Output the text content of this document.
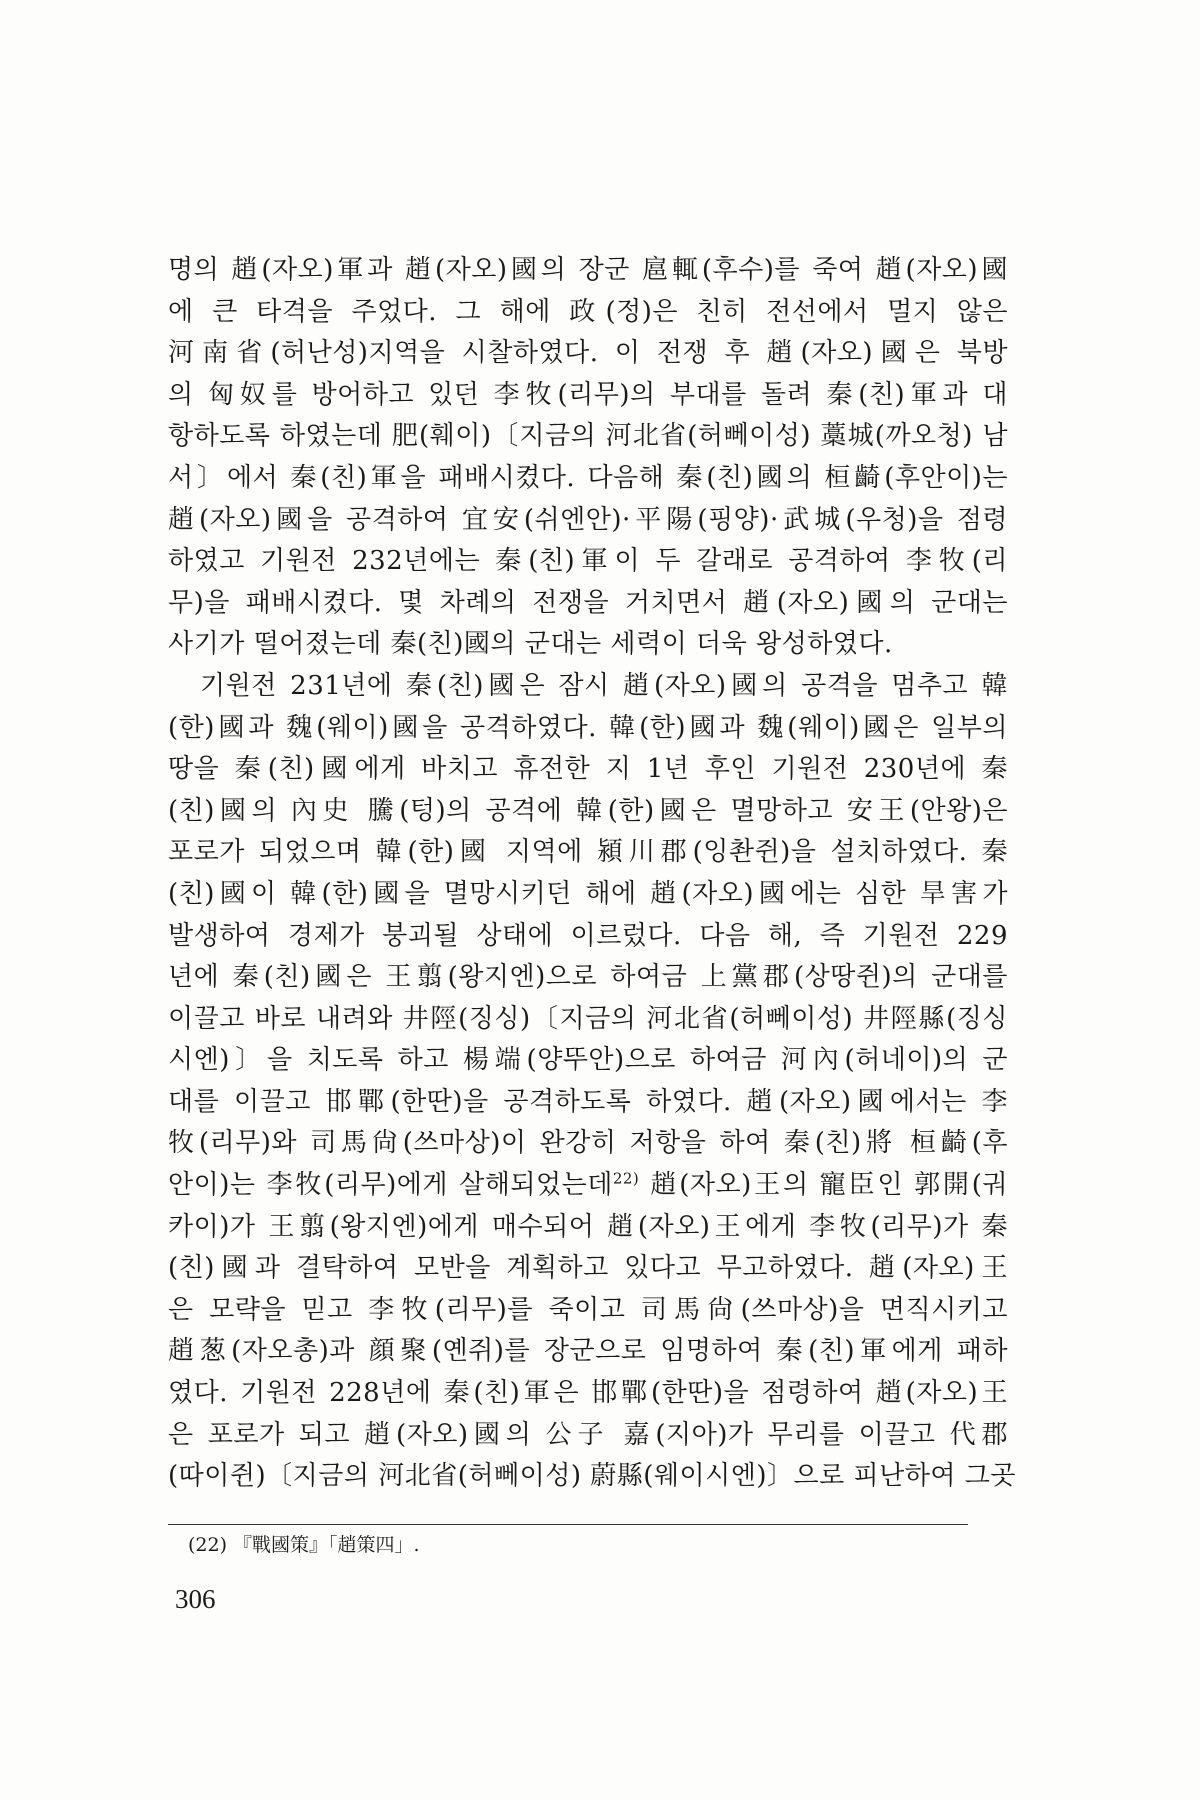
명의 趙(자오)軍과 趙(자오)國의 장군 扈輒(후수)를 죽여 趙(자오)國
에 큰 타격을 주었다. 그 해에 政(정)은 친히 전선에서 멀지 않은
河南省(허난성)지역을 시찰하였다. 이 전쟁 후 趙(자오)國은 북방
의 匈奴를 방어하고 있던 李牧(리무)의 부대를 돌려 秦(친)軍과 대
항하도록 하였는데 肥(훼이)〔지금의 河北省(허뻬이성) 藁城(까오청) 남
서〕에서 秦(친)軍을 패배시켰다. 다음해 秦(친)國의 桓齮(후안이)는
趙(자오)國을 공격하여 宜安(쉬엔안)·平陽(핑양)·武城(우청)을 점령
하였고 기원전 232년에는 秦(친)軍이 두 갈래로 공격하여 李牧(리
무)을 패배시켰다. 몇 차례의 전쟁을 거치면서 趙(자오)國의 군대는
사기가 떨어졌는데 秦(친)國의 군대는 세력이 더욱 왕성하였다.
기원전 231년에 秦(친)國은 잠시 趙(자오)國의 공격을 멈추고 韓
(한)國과 魏(웨이)國을 공격하였다. 韓(한)國과 魏(웨이)國은 일부의
땅을 秦(친)國에게 바치고 휴전한 지 1년 후인 기원전 230년에 秦
(친)國의 內史 騰(텅)의 공격에 韓(한)國은 멸망하고 安王(안왕)은
포로가 되었으며 韓(한)國 지역에 潁川郡(잉촨쥔)을 설치하였다. 秦
(친)國이 韓(한)國을 멸망시키던 해에 趙(자오)國에는 심한 旱害가
발생하여 경제가 붕괴될 상태에 이르렀다. 다음 해, 즉 기원전 229
년에 秦(친)國은 王翦(왕지엔)으로 하여금 上黨郡(상땅쥔)의 군대를
이끌고 바로 내려와 井陘(징싱)〔지금의 河北省(허뻬이성) 井陘縣(징싱
시엔)〕을 치도록 하고 楊端(양뚜안)으로 하여금 河內(허네이)의 군
대를 이끌고 邯鄲(한딴)을 공격하도록 하였다. 趙(자오)國에서는 李
牧(리무)와 司馬尙(쓰마상)이 완강히 저항을 하여 秦(친)將 桓齮(후
안이)는 李牧(리무)에게 살해되었는데$^{22)}$ 趙(자오)王의 寵臣인 郭開(궈
카이)가 王翦(왕지엔)에게 매수되어 趙(자오)王에게 李牧(리무)가 秦
(친)國과 결탁하여 모반을 계획하고 있다고 무고하였다. 趙(자오)王
은 모략을 믿고 李牧(리무)를 죽이고 司馬尙(쓰마상)을 면직시키고
趙葱(자오총)과 顔聚(옌쥐)를 장군으로 임명하여 秦(친)軍에게 패하
였다. 기원전 228년에 秦(친)軍은 邯鄲(한딴)을 점령하여 趙(자오)王
은 포로가 되고 趙(자오)國의 公子 嘉(지아)가 무리를 이끌고 代郡
(따이쥔)〔지금의 河北省(허뻬이성) 蔚縣(웨이시엔)〕으로 피난하여 그곳
(22) 『戰國策』「趙策四」.
306
